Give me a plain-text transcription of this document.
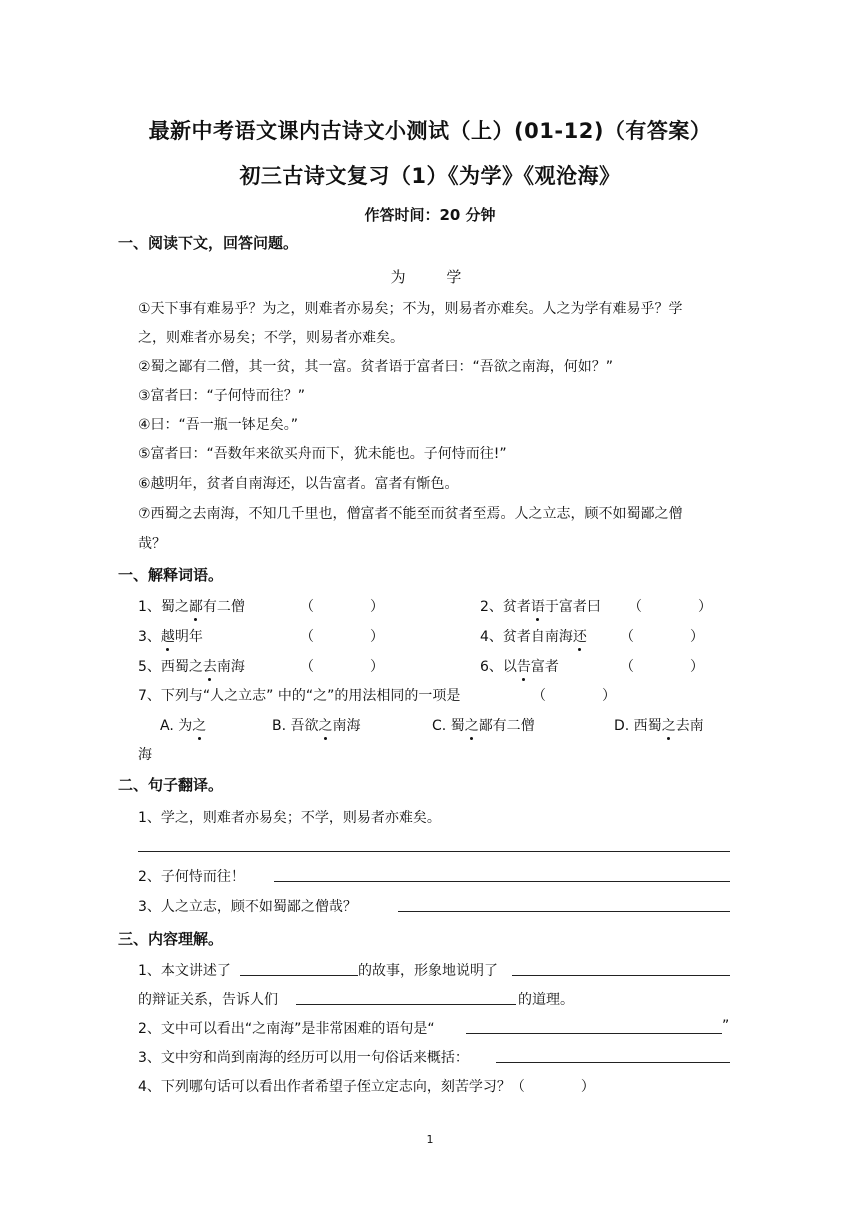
最新中考语文课内古诗文小测试（上）(01-12)（有答案）
初三古诗文复习（1）《为学》《观沧海》
作答时间：20 分钟
一、阅读下文，回答问题。
为 学
①天下事有难易乎？为之，则难者亦易矣；不为，则易者亦难矣。人之为学有难易乎？学
之，则难者亦易矣；不学，则易者亦难矣。
②蜀之鄙有二僧，其一贫，其一富。贫者语于富者曰：“吾欲之南海，何如？”
③富者曰：“子何恃而往？”
④曰：“吾一瓶一钵足矣。”
⑤富者曰：“吾数年来欲买舟而下，犹未能也。子何恃而往!”
⑥越明年，贫者自南海还，以告富者。富者有惭色。
⑦西蜀之去南海，不知几千里也，僧富者不能至而贫者至焉。人之立志，顾不如蜀鄙之僧
哉？
一、解释词语。
1、蜀之鄙有二僧	（　　　　）	2、贫者语于富者曰 （　　　　）
3、越明年	（　　　　）	4、贫者自南海还 （　　　　）
5、西蜀之去南海	（　　　　）	6、以告富者	（　　　　）
7、下列与“人之立志” 中的“之”的用法相同的一项是	（　　　　）
A. 为之	B. 吾欲之南海	C. 蜀之鄙有二僧	D. 西蜀之去南
海
二、句子翻译。
1、学之，则难者亦易矣；不学，则易者亦难矣。
2、子何恃而往！
3、人之立志，顾不如蜀鄙之僧哉？
三、内容理解。
1、本文讲述了	的故事，形象地说明了
的辩证关系，告诉人们	的道理。
2、文中可以看出“之南海”是非常困难的语句是“	”
3、文中穷和尚到南海的经历可以用一句俗话来概括：
4、下列哪句话可以看出作者希望子侄立定志向，刻苦学习？（　　　　）
1
